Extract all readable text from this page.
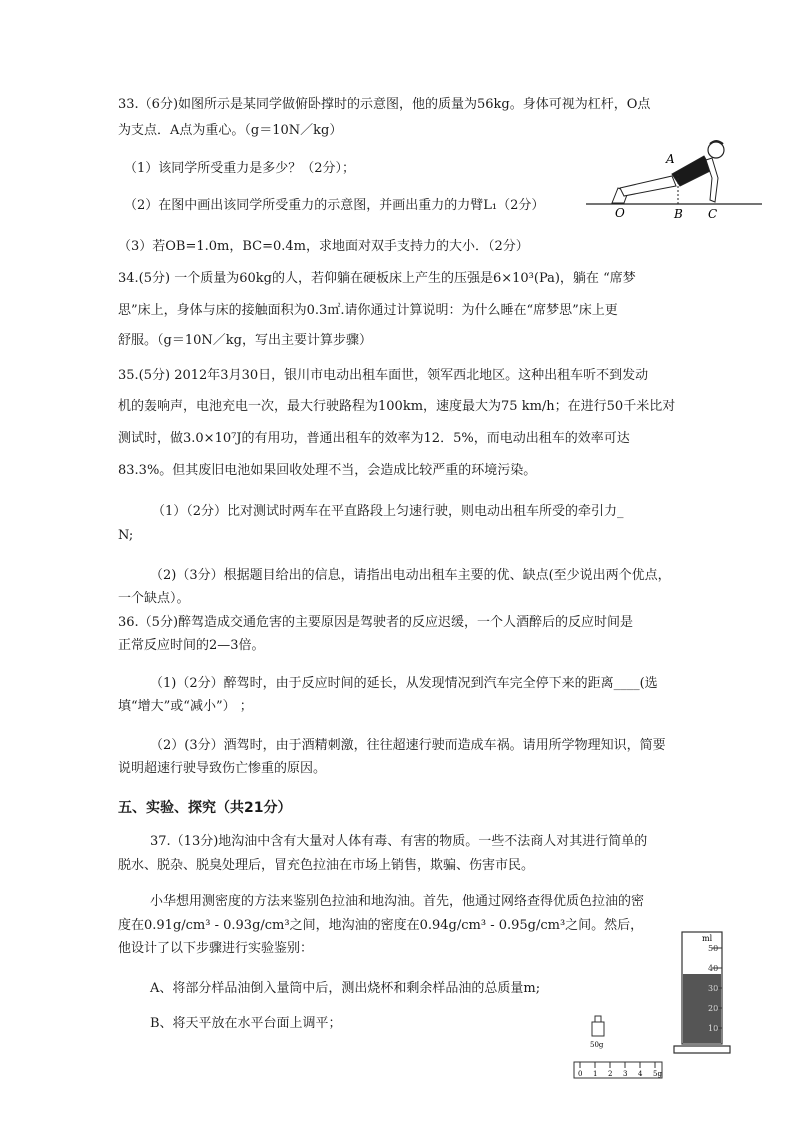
33.（6分)如图所示是某同学做俯卧撑时的示意图，他的质量为56kg。身体可视为杠杆，O点
为支点．A点为重心。（g＝10N／kg）
（1）该同学所受重力是多少？（2分）；
（2）在图中画出该同学所受重力的示意图，并画出重力的力臂L₁（2分）
（3）若OB=1.0m，BC=0.4m，求地面对双手支持力的大小．（2分）
A
O	B C
34.(5分) 一个质量为60kg的人，若仰躺在硬板床上产生的压强是6×10³(Pa)，躺在 “席梦
思”床上，身体与床的接触面积为0.3㎡.请你通过计算说明：为什么睡在“席梦思”床上更
舒服。（g＝10N／kg，写出主要计算步骤）
35.(5分) 2012年3月30日，银川市电动出租车面世，领军西北地区。这种出租车听不到发动
机的轰响声，电池充电一次，最大行驶路程为100km，速度最大为75 km/h；在进行50千米比对
测试时，做3.0×10⁷J的有用功，普通出租车的效率为12．5%，而电动出租车的效率可达
83.3%。但其废旧电池如果回收处理不当，会造成比较严重的环境污染。
（1）（2分）比对测试时两车在平直路段上匀速行驶，则电动出租车所受的牵引力_
N;
（2)（3分）根据题目给出的信息，请指出电动出租车主要的优、缺点(至少说出两个优点，
一个缺点）。
36.（5分)醉驾造成交通危害的主要原因是驾驶者的反应迟缓，一个人酒醉后的反应时间是
正常反应时间的2—3倍。
（1)（2分）醉驾时，由于反应时间的延长，从发现情况到汽车完全停下来的距离____(选
填“增大”或“减小”） ；
（2）(3分）酒驾时，由于酒精刺激，往往超速行驶而造成车祸。请用所学物理知识，简要
说明超速行驶导致伤亡惨重的原因。
五、实验、探究（共21分）
37.（13分)地沟油中含有大量对人体有毒、有害的物质。一些不法商人对其进行简单的
脱水、脱杂、脱臭处理后，冒充色拉油在市场上销售，欺骗、伤害市民。
小华想用测密度的方法来鉴别色拉油和地沟油。首先，他通过网络查得优质色拉油的密
度在0.91g/cm³ - 0.93g/cm³之间，地沟油的密度在0.94g/cm³ - 0.95g/cm³之间。然后，
他设计了以下步骤进行实验鉴别：
A、将部分样品油倒入量筒中后，测出烧杯和剩余样品油的总质量m;
B、将天平放在水平台面上调平；
ml
50
40
30
20
10
50g
0 1 2 3 4 5g
